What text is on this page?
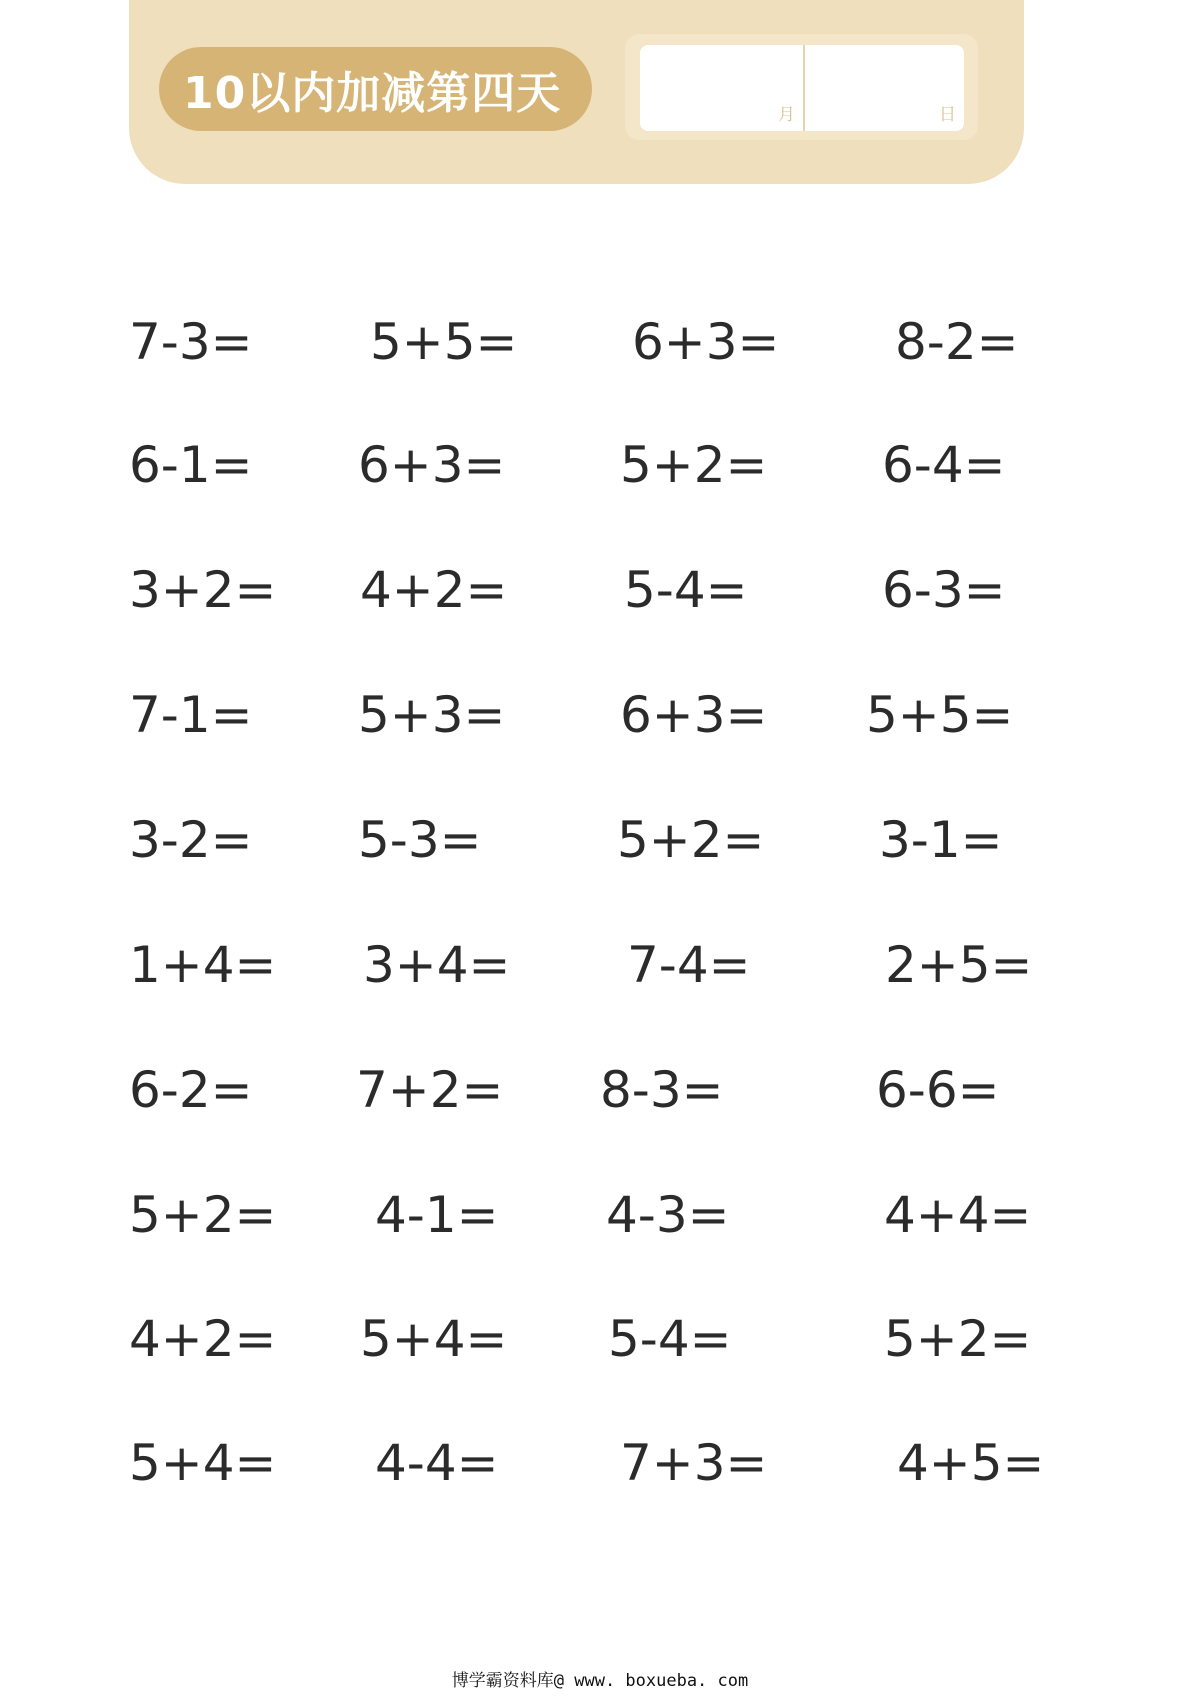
10以内加减第四天	月	日
7-3= 5+5= 6+3= 8-2=
6-1= 6+3= 5+2= 6-4=
3+2= 4+2= 5-4=	6-3=
7-1= 5+3= 6+3= 5+5=
3-2= 5-3=	5+2= 3-1=
1+4= 3+4= 7-4=	2+5=
6-2= 7+2= 8-3=	6-6=
5+2= 4-1= 4-3=	4+4=
4+2= 5+4= 5-4=	5+2=
5+4= 4-4= 7+3=	4+5=
博学霸资料库@ www. boxueba. com
